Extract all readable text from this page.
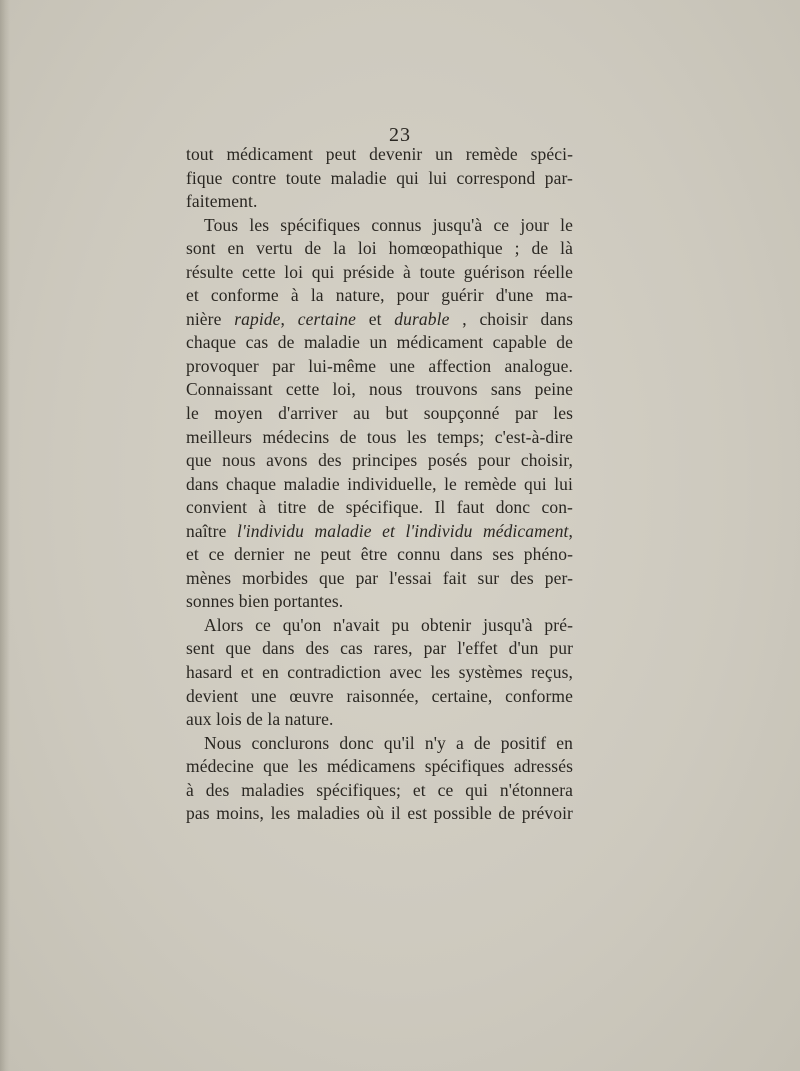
23

tout médicament peut devenir un remède spéci-
fique contre toute maladie qui lui correspond par-
faitement.
Tous les spécifiques connus jusqu'à ce jour le
sont en vertu de la loi homœopathique ; de là
résulte cette loi qui préside à toute guérison réelle
et conforme à la nature, pour guérir d'une ma-
nière rapide, certaine et durable , choisir dans
chaque cas de maladie un médicament capable de
provoquer par lui-même une affection analogue.
Connaissant cette loi, nous trouvons sans peine
le moyen d'arriver au but soupçonné par les
meilleurs médecins de tous les temps; c'est-à-dire
que nous avons des principes posés pour choisir,
dans chaque maladie individuelle, le remède qui lui
convient à titre de spécifique. Il faut donc con-
naître l'individu maladie et l'individu médicament,
et ce dernier ne peut être connu dans ses phéno-
mènes morbides que par l'essai fait sur des per-
sonnes bien portantes.
Alors ce qu'on n'avait pu obtenir jusqu'à pré-
sent que dans des cas rares, par l'effet d'un pur
hasard et en contradiction avec les systèmes reçus,
devient une œuvre raisonnée, certaine, conforme
aux lois de la nature.
Nous conclurons donc qu'il n'y a de positif en
médecine que les médicamens spécifiques adressés
à des maladies spécifiques; et ce qui n'étonnera
pas moins, les maladies où il est possible de prévoir
